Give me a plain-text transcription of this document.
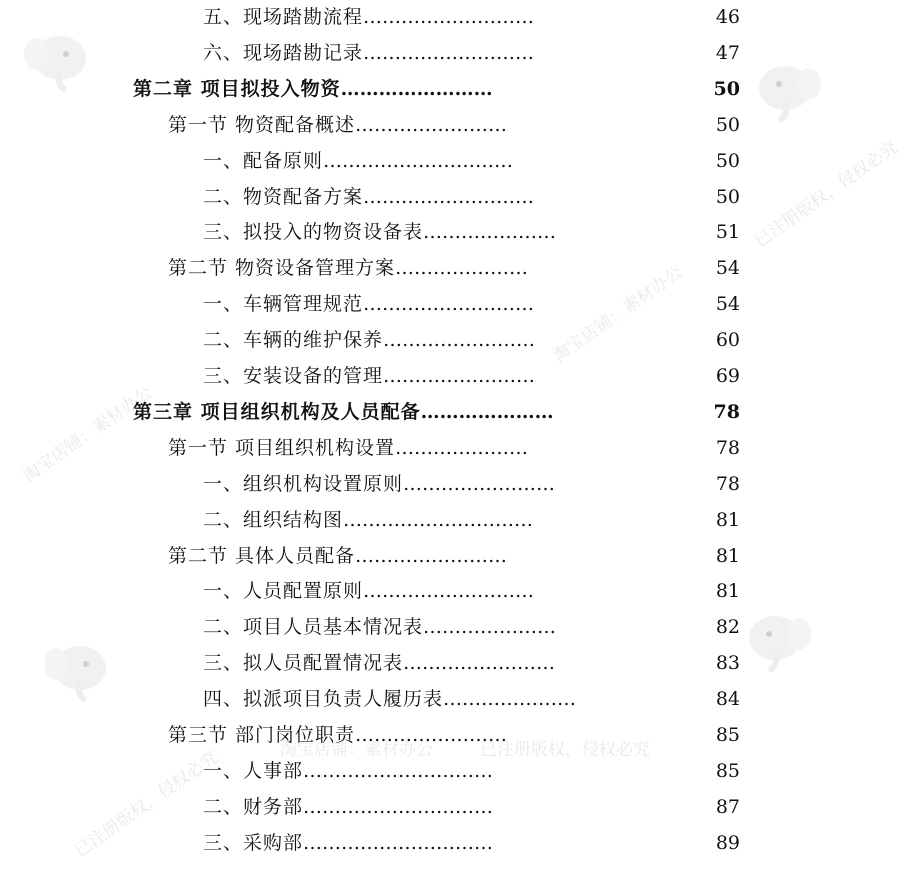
五、现场踏勘流程………………………	46
六、现场踏勘记录………………………	47
第二章 项目拟投入物资……………………	50
第一节 物资配备概述……………………	50
一、配备原则…………………………	50
二、物资配备方案………………………	50
三、拟投入的物资设备表…………………	51
第二节 物资设备管理方案…………………	54
一、车辆管理规范………………………	54
二、车辆的维护保养……………………	60
三、安装设备的管理……………………	69
第三章 项目组织机构及人员配备…………………	78
第一节 项目组织机构设置…………………	78
一、组织机构设置原则……………………	78
二、组织结构图…………………………	81
第二节 具体人员配备……………………	81
一、人员配置原则………………………	81
二、项目人员基本情况表…………………	82
三、拟人员配置情况表……………………	83
四、拟派项目负责人履历表…………………	84
第三节 部门岗位职责……………………	85
一、人事部…………………………	85
二、财务部…………………………	87
三、采购部…………………………	89
淘宝店铺：素材办公
已注册版权，侵权必究
淘宝店铺：素材办公
已注册版权，侵权必究
淘宝店铺：素材办公
已注册版权，侵权必究
